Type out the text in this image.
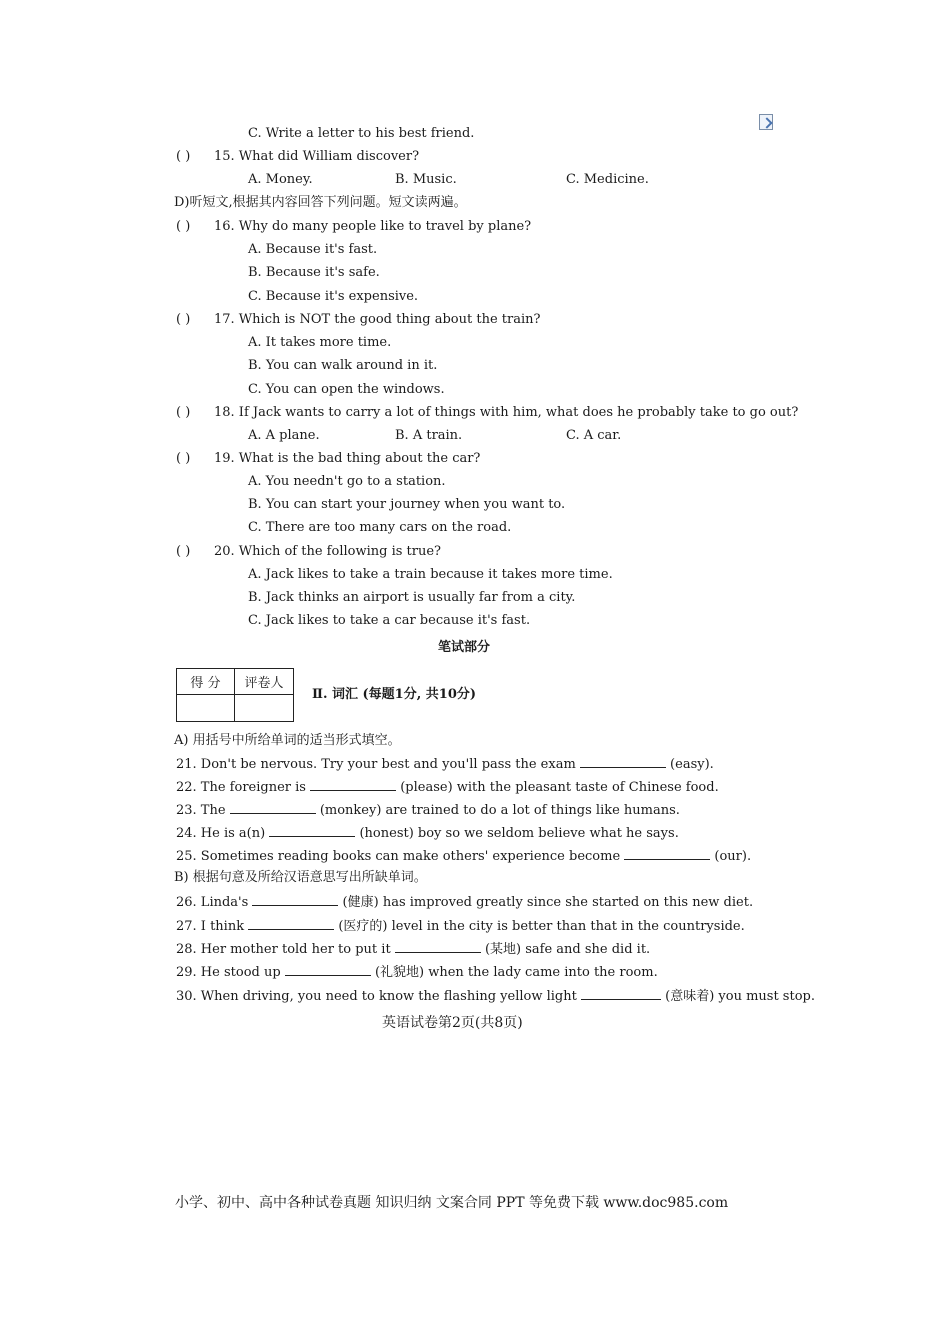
C. Write a letter to his best friend.
( ) 15. What did William discover?
A. Money.	B. Music.	C. Medicine.
D)听短文,根据其内容回答下列问题。短文读两遍。
( ) 16. Why do many people like to travel by plane?
A. Because it's fast.
B. Because it's safe.
C. Because it's expensive.
( ) 17. Which is NOT the good thing about the train?
A. It takes more time.
B. You can walk around in it.
C. You can open the windows.
( ) 18. If Jack wants to carry a lot of things with him, what does he probably take to go out?
A. A plane.	B. A train.	C. A car.
( ) 19. What is the bad thing about the car?
A. You needn't go to a station.
B. You can start your journey when you want to.
C. There are too many cars on the road.
( ) 20. Which of the following is true?
A. Jack likes to take a train because it takes more time.
B. Jack thinks an airport is usually far from a city.
C. Jack likes to take a car because it's fast.
笔试部分
得 分	评卷人
Ⅱ. 词汇 (每题1分, 共10分)
A) 用括号中所给单词的适当形式填空。
21. Don't be nervous. Try your best and you'll pass the exam	(easy).
22. The foreigner is	(please) with the pleasant taste of Chinese food.
23. The	(monkey) are trained to do a lot of things like humans.
24. He is a(n)	(honest) boy so we seldom believe what he says.
25. Sometimes reading books can make others' experience become	(our).
B) 根据句意及所给汉语意思写出所缺单词。
26. Linda's	(健康) has improved greatly since she started on this new diet.
27. I think	(医疗的) level in the city is better than that in the countryside.
28. Her mother told her to put it	(某地) safe and she did it.
29. He stood up	(礼貌地) when the lady came into the room.
30. When driving, you need to know the flashing yellow light	(意味着) you must stop.
英语试卷第2页(共8页)
小学、初中、高中各种试卷真题 知识归纳 文案合同 PPT 等免费下载 www.doc985.com
